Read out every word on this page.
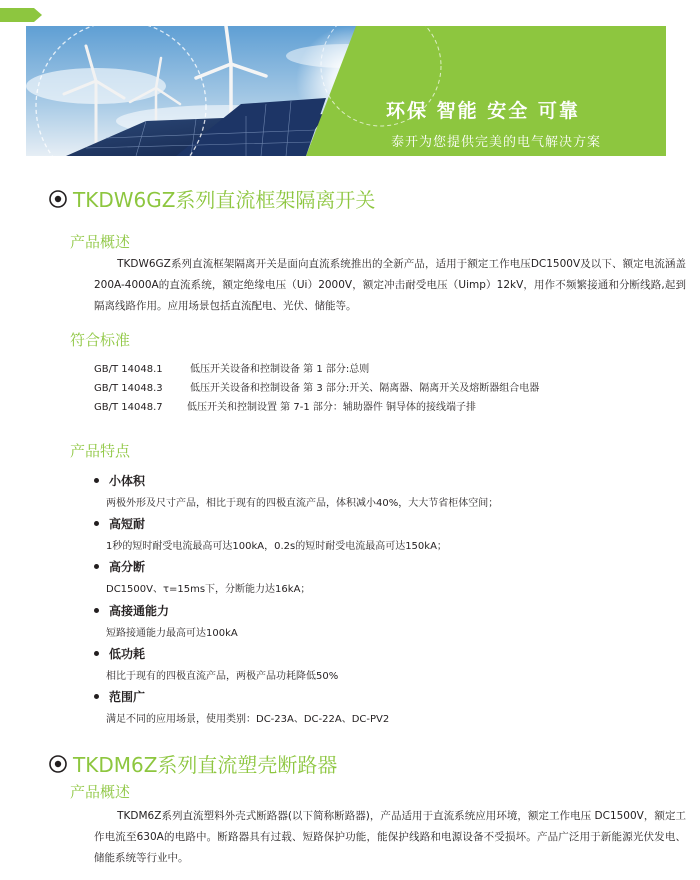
环保 智能 安全 可靠
泰开为您提供完美的电气解决方案
TKDW6GZ系列直流框架隔离开关
产品概述

TKDW6GZ系列直流框架隔离开关是面向直流系统推出的全新产品，适用于额定工作电压DC1500V及以下、额定电流涵盖200A-4000A的直流系统，额定绝缘电压（Ui）2000V，额定冲击耐受电压（Uimp）12kV，用作不频繁接通和分断线路,起到隔离线路作用。应用场景包括直流配电、光伏、储能等。

符合标准
GB/T 14048.1	低压开关设备和控制设备 第 1 部分:总则
GB/T 14048.3	低压开关设备和控制设备 第 3 部分:开关、隔离器、隔离开关及熔断器组合电器
GB/T 14048.7 低压开关和控制设置 第 7-1 部分：辅助器件 铜导体的接线端子排
产品特点
小体积
两极外形及尺寸产品，相比于现有的四极直流产品，体积减小40%，大大节省柜体空间；
高短耐
1秒的短时耐受电流最高可达100kA，0.2s的短时耐受电流最高可达150kA；
高分断
DC1500V、τ=15ms下，分断能力达16kA；
高接通能力
短路接通能力最高可达100kA
低功耗
相比于现有的四极直流产品，两极产品功耗降低50%
范围广
满足不同的应用场景，使用类别：DC-23A、DC-22A、DC-PV2
TKDM6Z系列直流塑壳断路器
产品概述

TKDM6Z系列直流塑料外壳式断路器(以下简称断路器)，产品适用于直流系统应用环境，额定工作电压 DC1500V，额定工作电流至630A的电路中。断路器具有过载、短路保护功能，能保护线路和电源设备不受损坏。产品广泛用于新能源光伏发电、储能系统等行业中。
